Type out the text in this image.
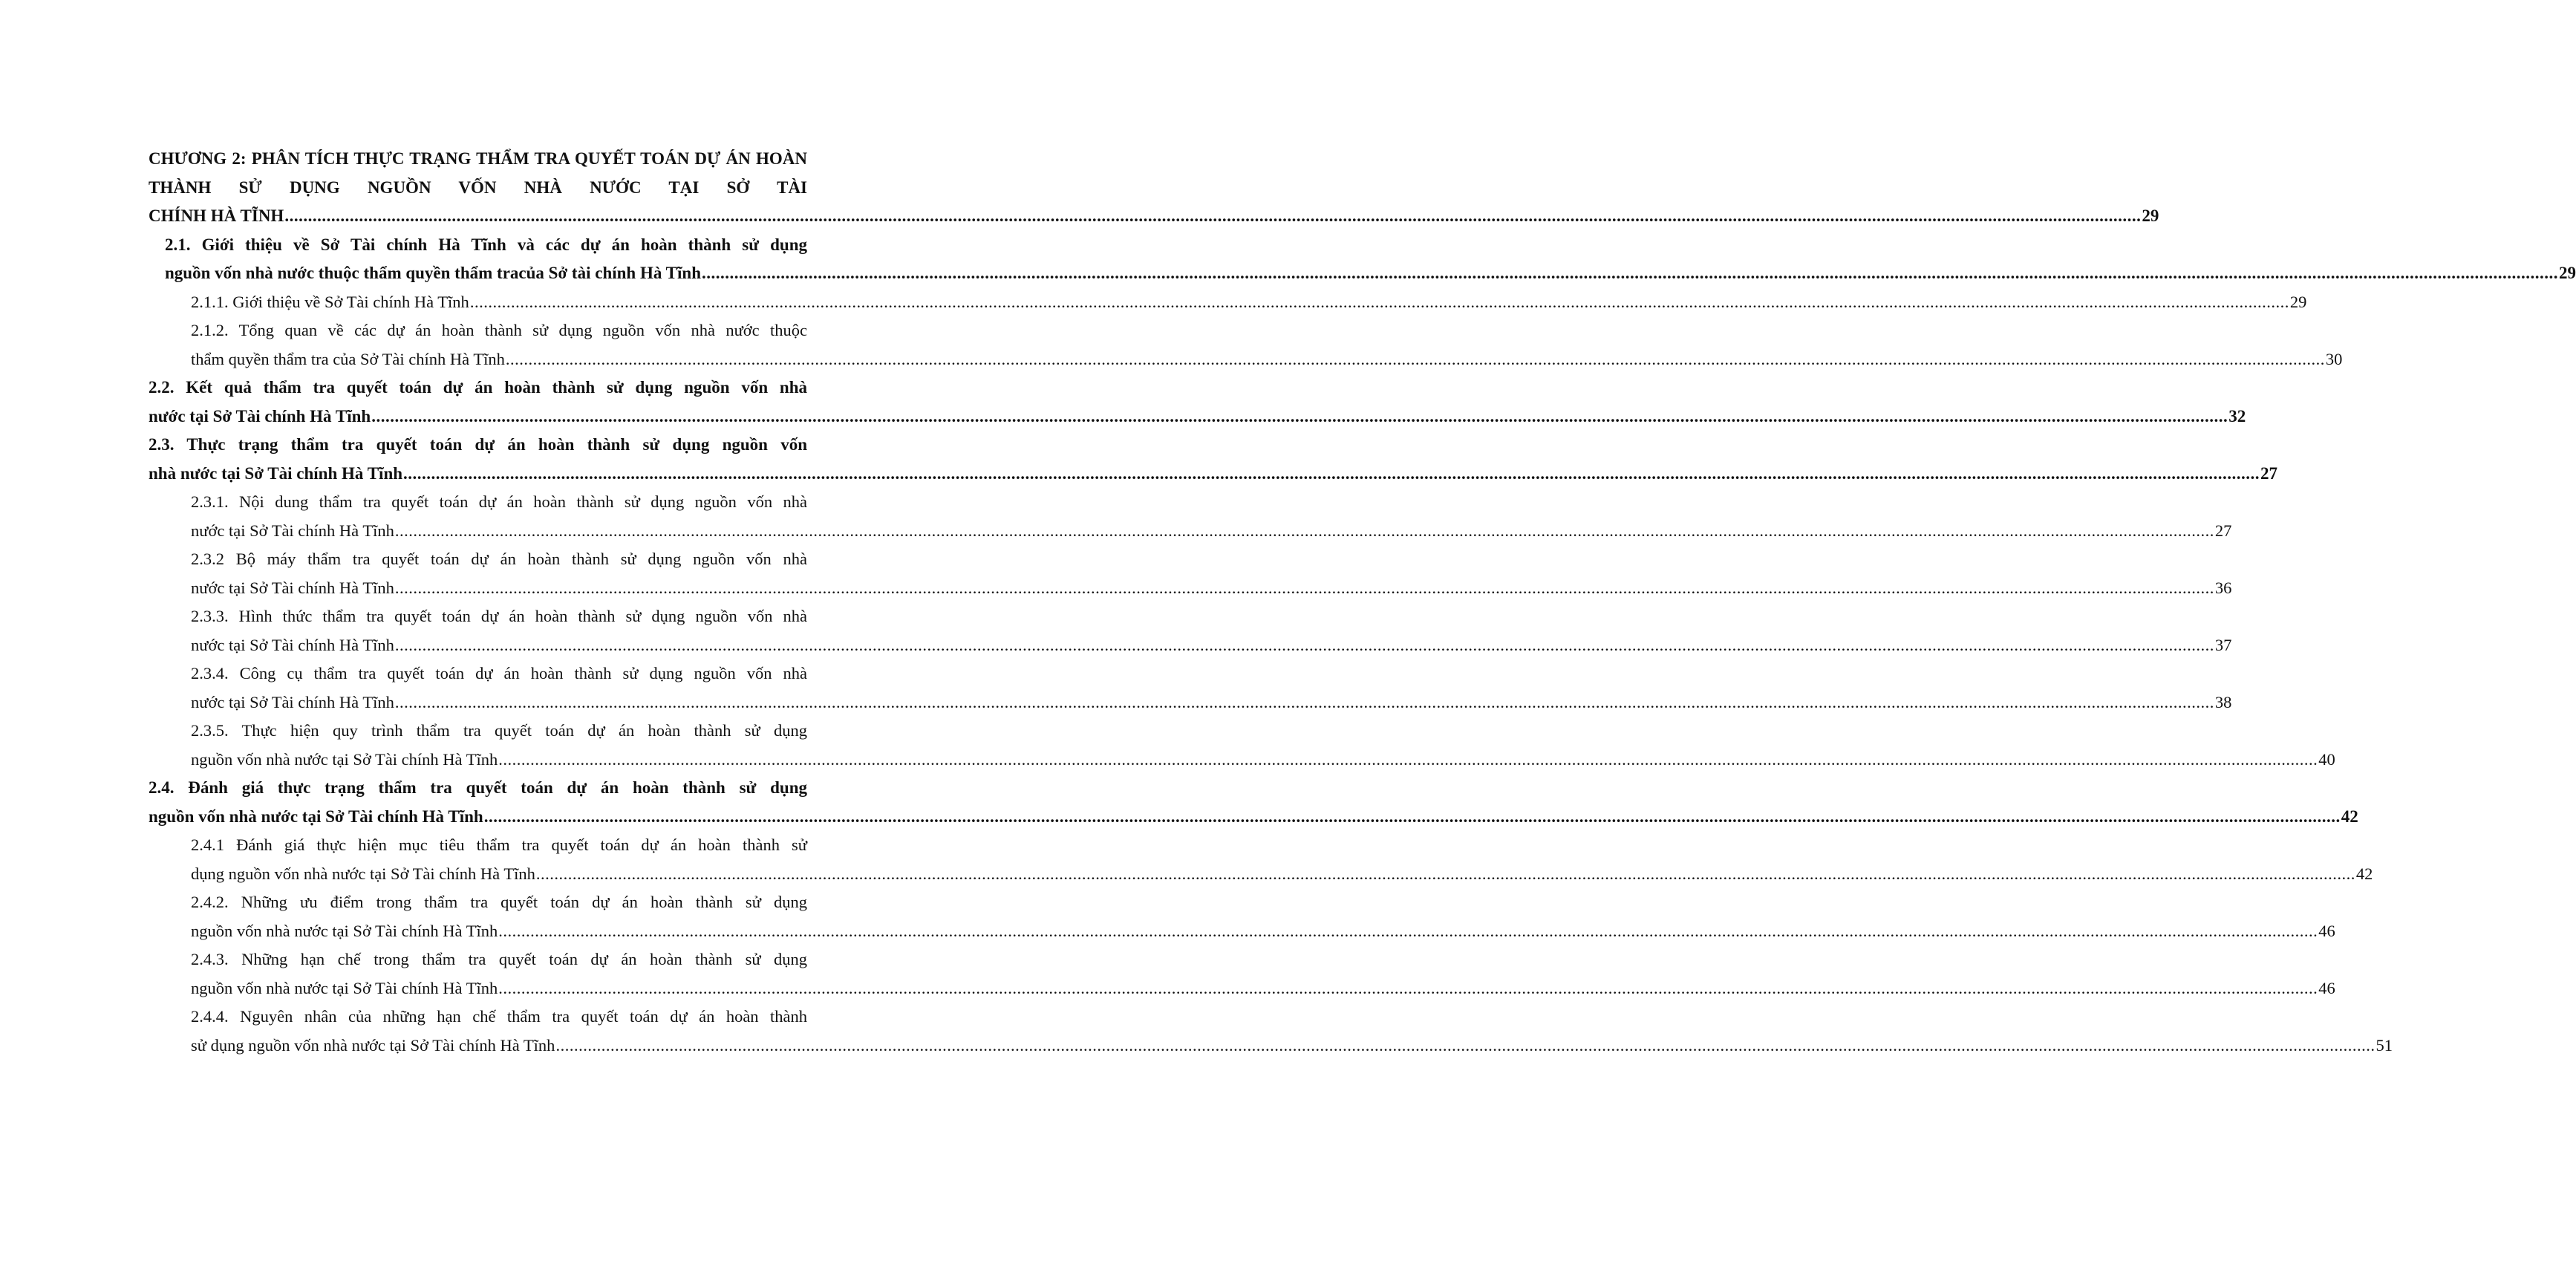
CHƯƠNG 2: PHÂN TÍCH THỰC TRẠNG THẨM TRA QUYẾT TOÁN DỰ ÁN HOÀN THÀNH SỬ DỤNG NGUỒN VỐN NHÀ NƯỚC TẠI SỞ TÀI
CHÍNH HÀ TĨNH ................................................................................................................................................................................................................................................................................................................................................................................................................ 29
2.1. Giới thiệu về Sở Tài chính Hà Tĩnh và các dự án hoàn thành sử dụng
nguồn vốn nhà nước thuộc thẩm quyền thẩm tracủa Sở tài chính Hà Tĩnh ................................................................................................................................................................................................................................................................................................................................................................................................................ 29
2.1.1. Giới thiệu về Sở Tài chính Hà Tĩnh ................................................................................................................................................................................................................................................................................................................................................................................................................ 29
2.1.2. Tổng quan về các dự án hoàn thành sử dụng nguồn vốn nhà nước thuộc
thẩm quyền thẩm tra của Sở Tài chính Hà Tĩnh ................................................................................................................................................................................................................................................................................................................................................................................................................ 30
2.2. Kết quả thẩm tra quyết toán dự án hoàn thành sử dụng nguồn vốn nhà
nước tại Sở Tài chính Hà Tĩnh ................................................................................................................................................................................................................................................................................................................................................................................................................ 32
2.3. Thực trạng thẩm tra quyết toán dự án hoàn thành sử dụng nguồn vốn
nhà nước tại Sở Tài chính Hà Tĩnh ................................................................................................................................................................................................................................................................................................................................................................................................................ 27
2.3.1. Nội dung thẩm tra quyết toán dự án hoàn thành sử dụng nguồn vốn nhà
nước tại Sở Tài chính Hà Tĩnh ................................................................................................................................................................................................................................................................................................................................................................................................................ 27
2.3.2 Bộ máy thẩm tra quyết toán dự án hoàn thành sử dụng nguồn vốn nhà
nước tại Sở Tài chính Hà Tĩnh ................................................................................................................................................................................................................................................................................................................................................................................................................ 36
2.3.3. Hình thức thẩm tra quyết toán dự án hoàn thành sử dụng nguồn vốn nhà
nước tại Sở Tài chính Hà Tĩnh ................................................................................................................................................................................................................................................................................................................................................................................................................ 37
2.3.4. Công cụ thẩm tra quyết toán dự án hoàn thành sử dụng nguồn vốn nhà
nước tại Sở Tài chính Hà Tĩnh ................................................................................................................................................................................................................................................................................................................................................................................................................ 38
2.3.5. Thực hiện quy trình thẩm tra quyết toán dự án hoàn thành sử dụng
nguồn vốn nhà nước tại Sở Tài chính Hà Tĩnh ................................................................................................................................................................................................................................................................................................................................................................................................................ 40
2.4. Đánh giá thực trạng thẩm tra quyết toán dự án hoàn thành sử dụng
nguồn vốn nhà nước tại Sở Tài chính Hà Tĩnh ................................................................................................................................................................................................................................................................................................................................................................................................................ 42
2.4.1 Đánh giá thực hiện mục tiêu thẩm tra quyết toán dự án hoàn thành sử
dụng nguồn vốn nhà nước tại Sở Tài chính Hà Tĩnh ................................................................................................................................................................................................................................................................................................................................................................................................................ 42
2.4.2. Những ưu điểm trong thẩm tra quyết toán dự án hoàn thành sử dụng
nguồn vốn nhà nước tại Sở Tài chính Hà Tĩnh ................................................................................................................................................................................................................................................................................................................................................................................................................ 46
2.4.3. Những hạn chế trong thẩm tra quyết toán dự án hoàn thành sử dụng
nguồn vốn nhà nước tại Sở Tài chính Hà Tĩnh ................................................................................................................................................................................................................................................................................................................................................................................................................ 46
2.4.4. Nguyên nhân của những hạn chế thẩm tra quyết toán dự án hoàn thành
sử dụng nguồn vốn nhà nước tại Sở Tài chính Hà Tĩnh ................................................................................................................................................................................................................................................................................................................................................................................................................ 51
